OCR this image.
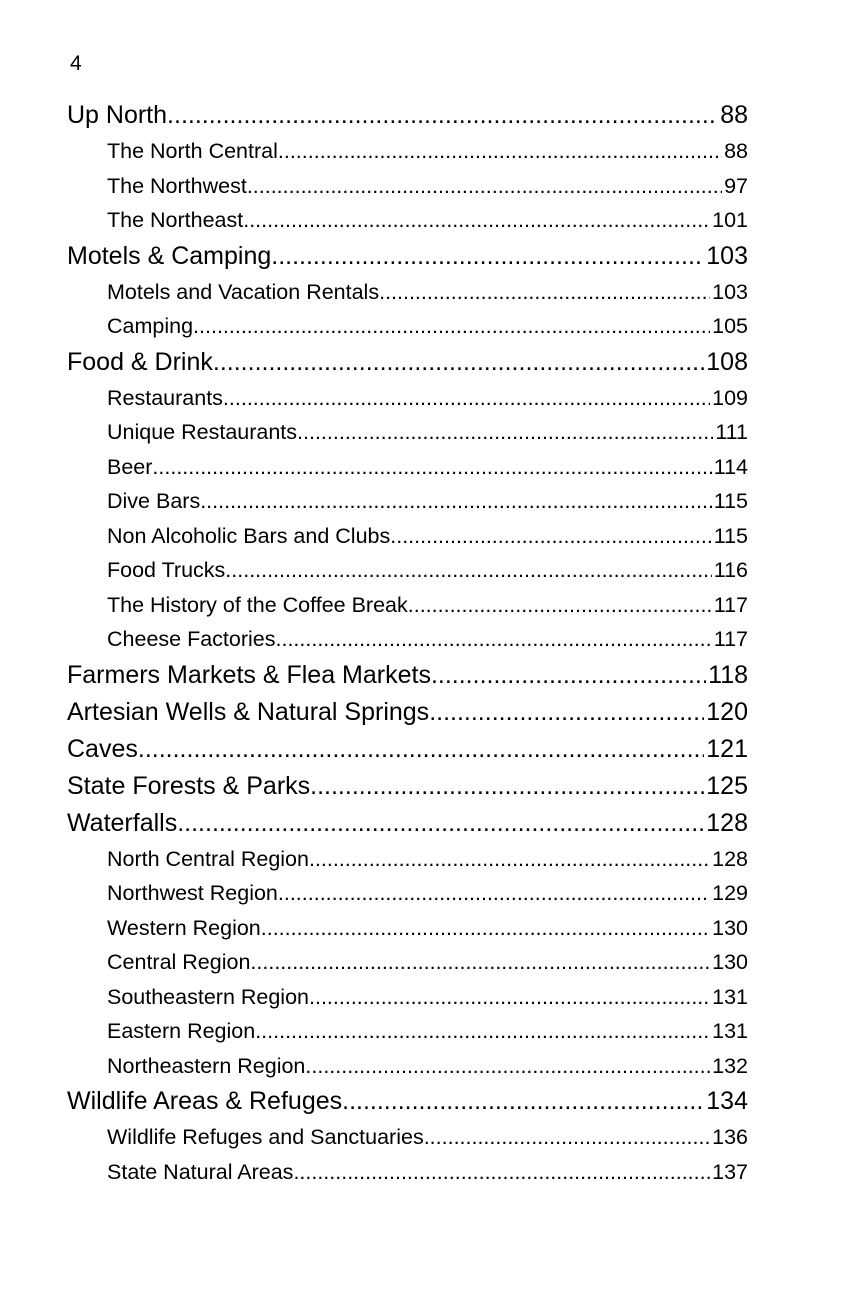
4
Up North .....	88
The North Central .....	88
The Northwest .....	97
The Northeast .....	101
Motels & Camping .....	103
Motels and Vacation Rentals .....	103
Camping .....	105
Food & Drink .....	108
Restaurants .....	109
Unique Restaurants .....	111
Beer .....	114
Dive Bars .....	115
Non Alcoholic Bars and Clubs .....	115
Food Trucks .....	116
The History of the Coffee Break .....	117
Cheese Factories .....	117
Farmers Markets & Flea Markets .....	118
Artesian Wells & Natural Springs .....	120
Caves .....	121
State Forests & Parks .....	125
Waterfalls .....	128
North Central Region .....	128
Northwest Region .....	129
Western Region .....	130
Central Region .....	130
Southeastern Region .....	131
Eastern Region .....	131
Northeastern Region .....	132
Wildlife Areas & Refuges .....	134
Wildlife Refuges and Sanctuaries .....	136
State Natural Areas .....	137
